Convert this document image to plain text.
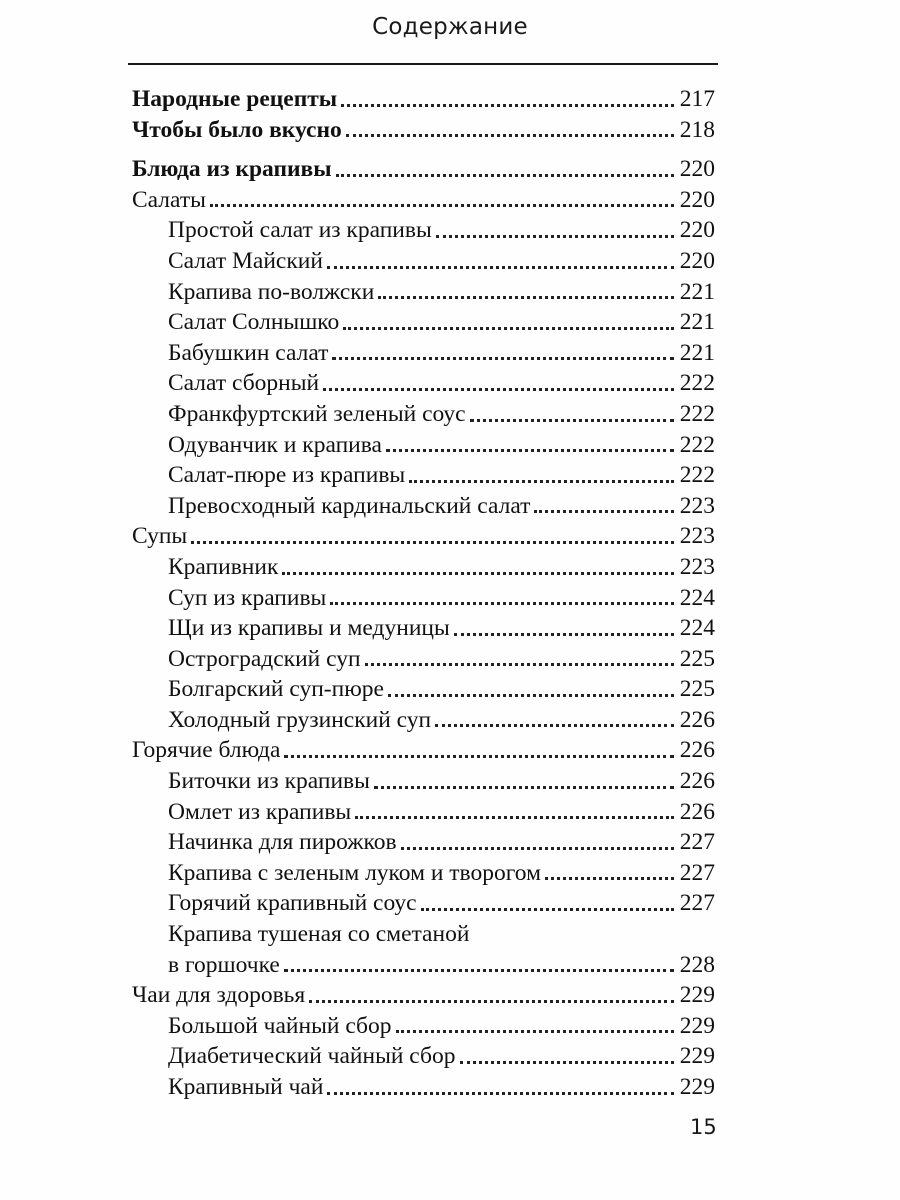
Содержание
Народные рецепты	217
Чтобы было вкусно	218
Блюда из крапивы	220
Салаты	220
Простой салат из крапивы	220
Салат Майский	220
Крапива по-волжски	221
Салат Солнышко	221
Бабушкин салат	221
Салат сборный	222
Франкфуртский зеленый соус	222
Одуванчик и крапива	222
Салат-пюре из крапивы	222
Превосходный кардинальский салат	223
Супы	223
Крапивник	223
Суп из крапивы	224
Щи из крапивы и медуницы	224
Остроградский суп	225
Болгарский суп-пюре	225
Холодный грузинский суп	226
Горячие блюда	226
Биточки из крапивы	226
Омлет из крапивы	226
Начинка для пирожков	227
Крапива с зеленым луком и творогом	227
Горячий крапивный соус	227
Крапива тушеная со сметаной
в горшочке	228
Чаи для здоровья	229
Большой чайный сбор	229
Диабетический чайный сбор	229
Крапивный чай	229
15
